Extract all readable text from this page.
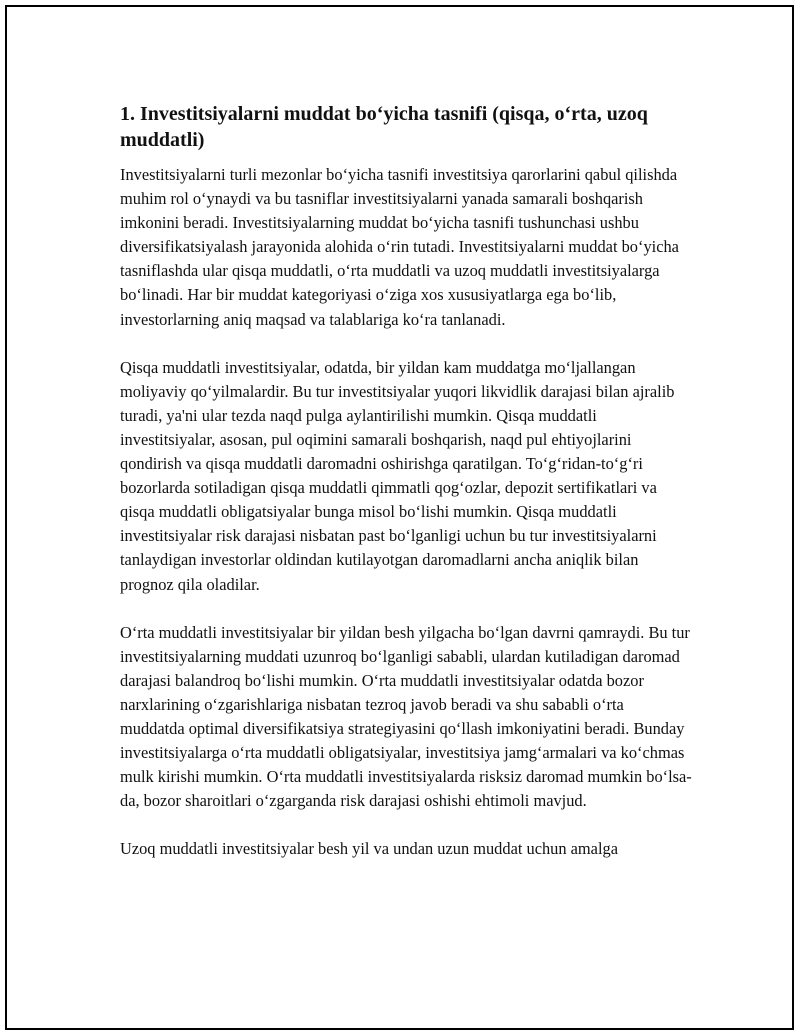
1. Investitsiyalarni muddat bo‘yicha tasnifi (qisqa, o‘rta, uzoq muddatli)

Investitsiyalarni turli mezonlar bo‘yicha tasnifi investitsiya qarorlarini qabul qilishda muhim rol o‘ynaydi va bu tasniflar investitsiyalarni yanada samarali boshqarish imkonini beradi. Investitsiyalarning muddat bo‘yicha tasnifi tushunchasi ushbu diversifikatsiyalash jarayonida alohida o‘rin tutadi. Investitsiyalarni muddat bo‘yicha tasniflashda ular qisqa muddatli, o‘rta muddatli va uzoq muddatli investitsiyalarga bo‘linadi. Har bir muddat kategoriyasi o‘ziga xos xususiyatlarga ega bo‘lib, investorlarning aniq maqsad va talablariga ko‘ra tanlanadi.

Qisqa muddatli investitsiyalar, odatda, bir yildan kam muddatga mo‘ljallangan moliyaviy qo‘yilmalardir. Bu tur investitsiyalar yuqori likvidlik darajasi bilan ajralib turadi, ya'ni ular tezda naqd pulga aylantirilishi mumkin. Qisqa muddatli investitsiyalar, asosan, pul oqimini samarali boshqarish, naqd pul ehtiyojlarini qondirish va qisqa muddatli daromadni oshirishga qaratilgan. To‘g‘ridan-to‘g‘ri bozorlarda sotiladigan qisqa muddatli qimmatli qog‘ozlar, depozit sertifikatlari va qisqa muddatli obligatsiyalar bunga misol bo‘lishi mumkin. Qisqa muddatli investitsiyalar risk darajasi nisbatan past bo‘lganligi uchun bu tur investitsiyalarni tanlaydigan investorlar oldindan kutilayotgan daromadlarni ancha aniqlik bilan prognoz qila oladilar.

O‘rta muddatli investitsiyalar bir yildan besh yilgacha bo‘lgan davrni qamraydi. Bu tur investitsiyalarning muddati uzunroq bo‘lganligi sababli, ulardan kutiladigan daromad darajasi balandroq bo‘lishi mumkin. O‘rta muddatli investitsiyalar odatda bozor narxlarining o‘zgarishlariga nisbatan tezroq javob beradi va shu sababli o‘rta muddatda optimal diversifikatsiya strategiyasini qo‘llash imkoniyatini beradi. Bunday investitsiyalarga o‘rta muddatli obligatsiyalar, investitsiya jamg‘armalari va ko‘chmas mulk kirishi mumkin. O‘rta muddatli investitsiyalarda risksiz daromad mumkin bo‘lsa-da, bozor sharoitlari o‘zgarganda risk darajasi oshishi ehtimoli mavjud.

Uzoq muddatli investitsiyalar besh yil va undan uzun muddat uchun amalga
